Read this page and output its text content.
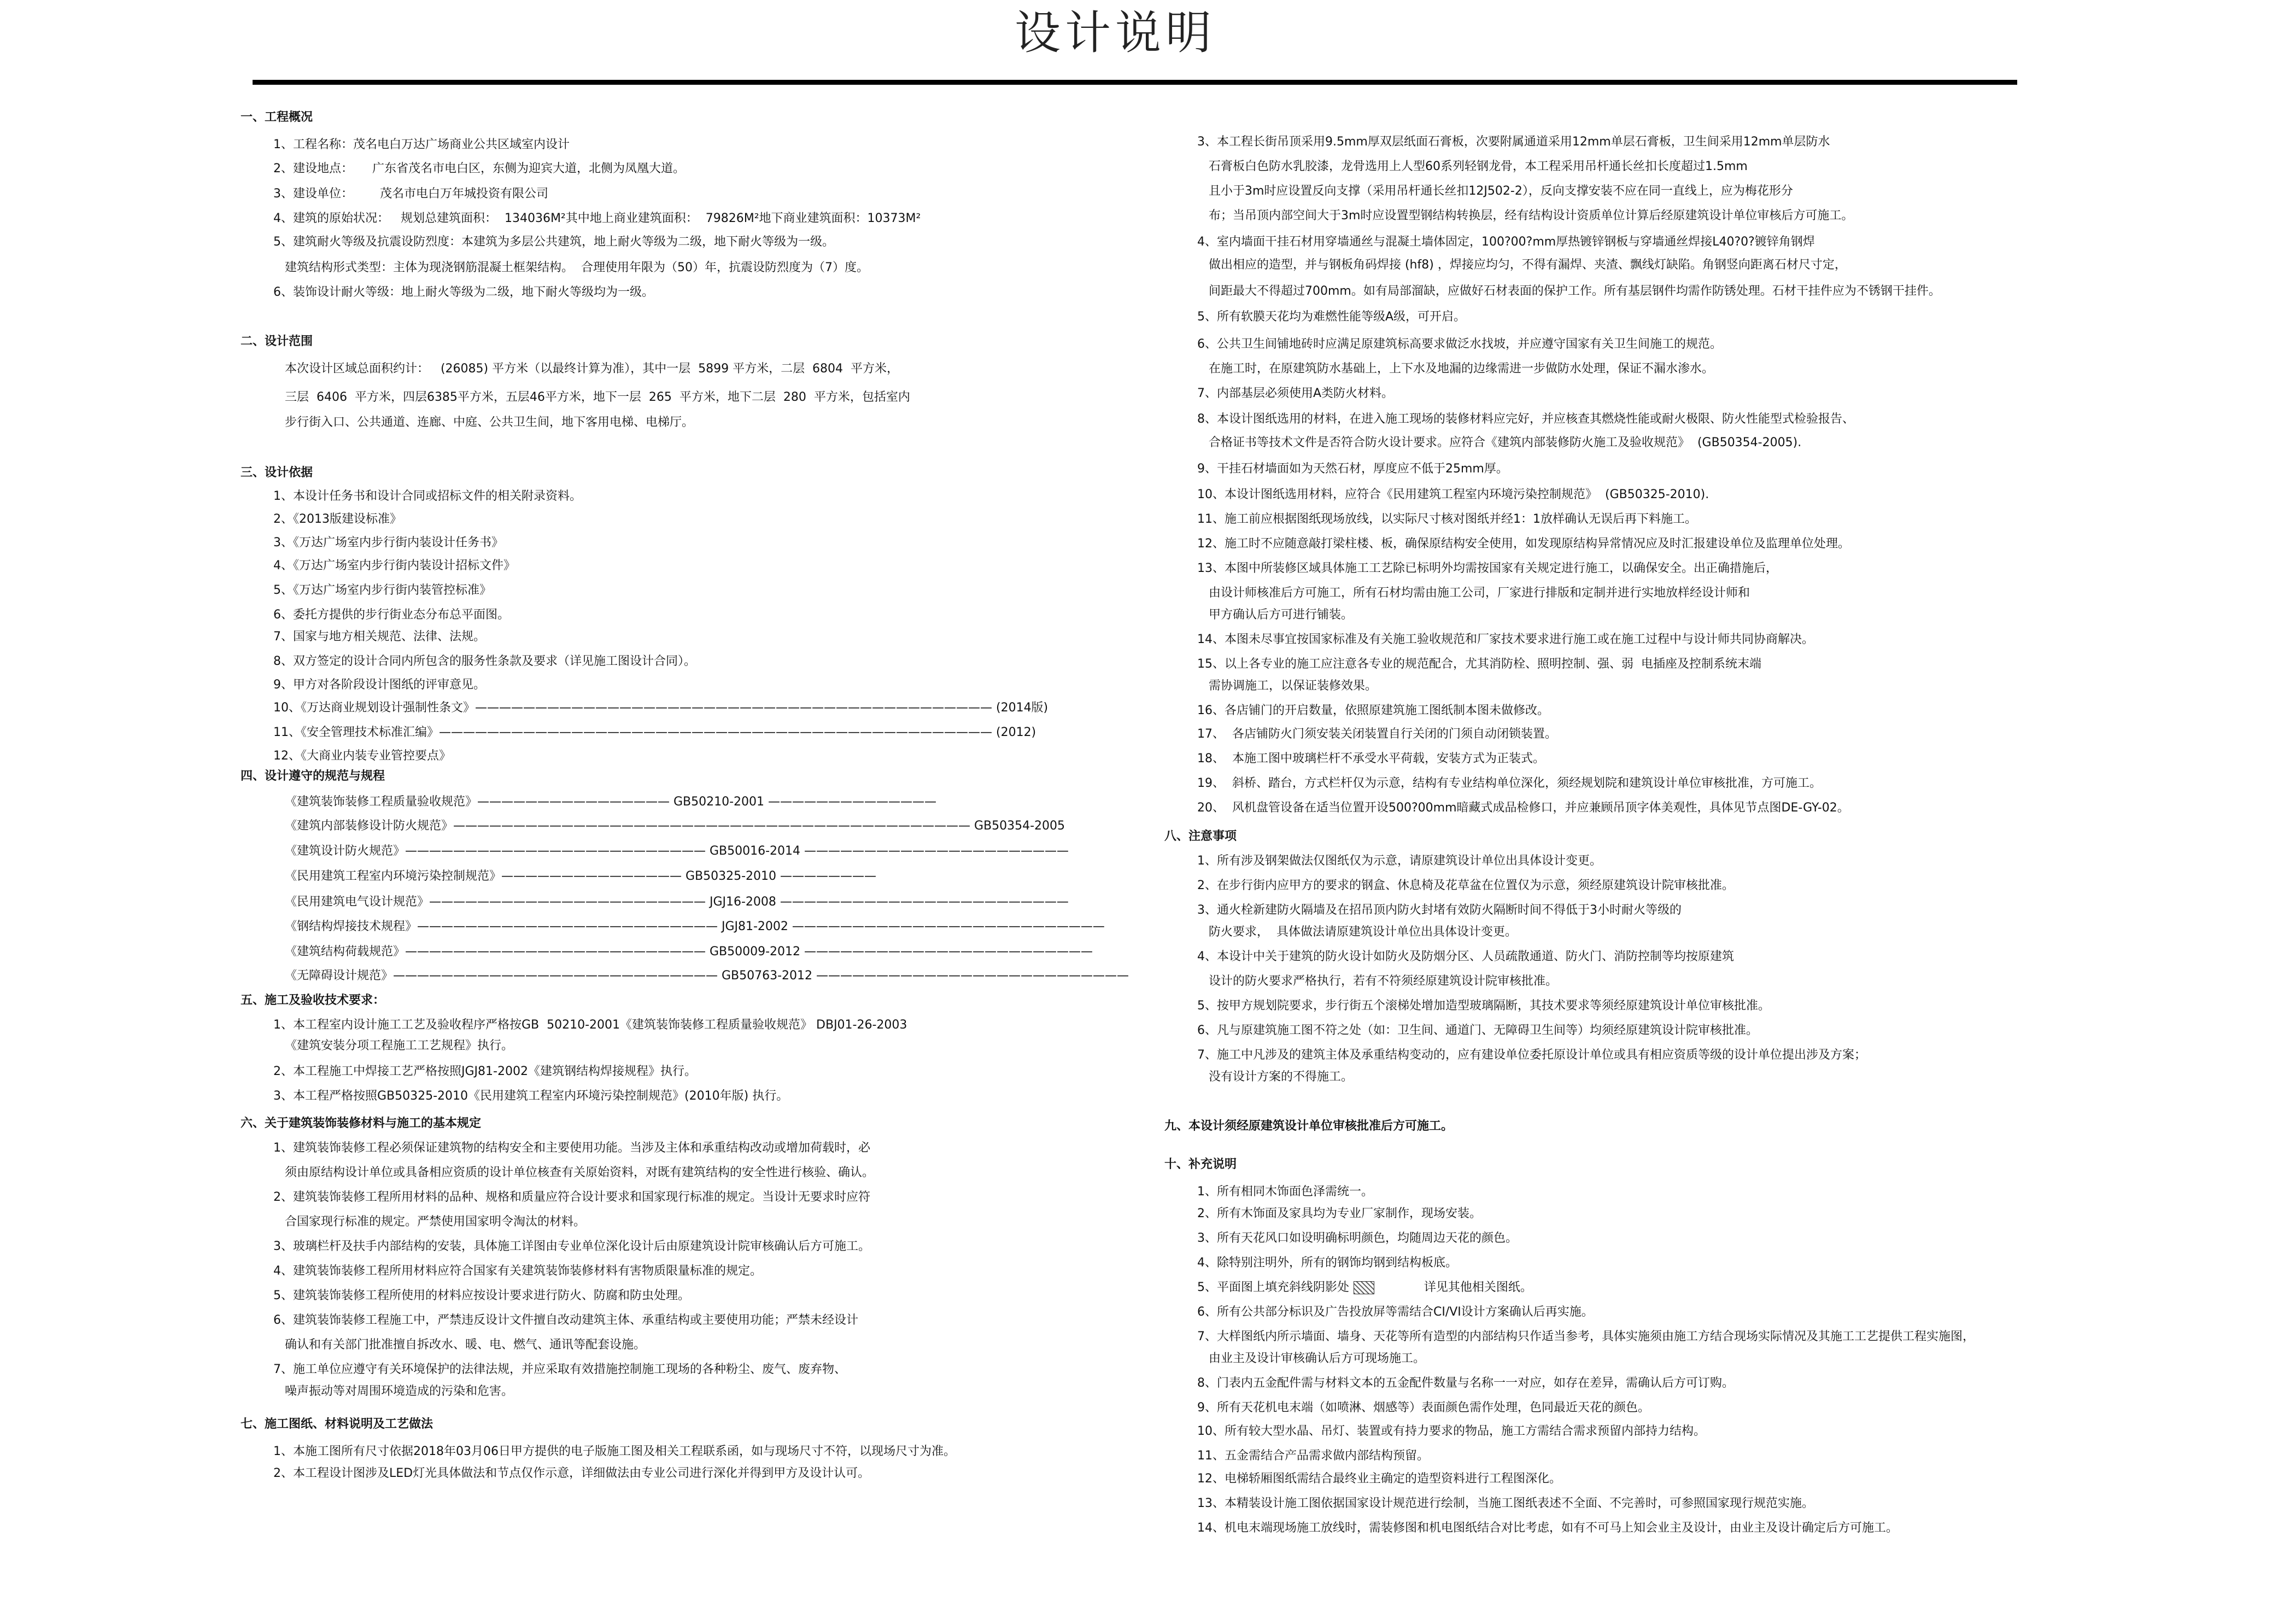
设计说明
一、工程概况
1、工程名称：茂名电白万达广场商业公共区域室内设计
2、建设地点：     广东省茂名市电白区，东侧为迎宾大道，北侧为凤凰大道。
3、建设单位：       茂名市电白万年城投资有限公司
4、建筑的原始状况：   规划总建筑面积：  134036M²其中地上商业建筑面积：  79826M²地下商业建筑面积：10373M²
5、建筑耐火等级及抗震设防烈度：本建筑为多层公共建筑，地上耐火等级为二级，地下耐火等级为一级。
建筑结构形式类型：主体为现浇钢筋混凝土框架结构。  合理使用年限为（50）年，抗震设防烈度为（7）度。
6、装饰设计耐火等级：地上耐火等级为二级，地下耐火等级均为一级。
二、设计范围
本次设计区域总面积约计：   (26085) 平方米（以最终计算为准），其中一层  5899 平方米，二层  6804  平方米，
三层  6406  平方米，四层6385平方米，五层46平方米，地下一层  265  平方米，地下二层  280  平方米，包括室内
步行街入口、公共通道、连廊、中庭、公共卫生间，地下客用电梯、电梯厅。
三、设计依据
1、本设计任务书和设计合同或招标文件的相关附录资料。
2、《2013版建设标准》
3、《万达广场室内步行街内装设计任务书》
4、《万达广场室内步行街内装设计招标文件》
5、《万达广场室内步行街内装管控标准》
6、委托方提供的步行街业态分布总平面图。
7、国家与地方相关规范、法律、法规。
8、双方签定的设计合同内所包含的服务性条款及要求（详见施工图设计合同）。
9、甲方对各阶段设计图纸的评审意见。
10、《万达商业规划设计强制性条文》——————————————————————————————————————————— (2014版)
11、《安全管理技术标准汇编》—————————————————————————————————————————————— (2012)
12、《大商业内装专业管控要点》
四、设计遵守的规范与规程
《建筑装饰装修工程质量验收规范》———————————————— GB50210-2001 ——————————————
《建筑内部装修设计防火规范》——————————————————————————————————————————— GB50354-2005
《建筑设计防火规范》————————————————————————— GB50016-2014 ——————————————————————
《民用建筑工程室内环境污染控制规范》——————————————— GB50325-2010 ————————
《民用建筑电气设计规范》——————————————————————— JGJ16-2008 ————————————————————————
《钢结构焊接技术规程》————————————————————————— JGJ81-2002 ——————————————————————————
《建筑结构荷载规范》————————————————————————— GB50009-2012 ————————————————————————
《无障碍设计规范》——————————————————————————— GB50763-2012 ——————————————————————————
五、施工及验收技术要求：
1、本工程室内设计施工工艺及验收程序严格按GB  50210-2001《建筑装饰装修工程质量验收规范》 DBJ01-26-2003
《建筑安装分项工程施工工艺规程》执行。
2、本工程施工中焊接工艺严格按照JGJ81-2002《建筑钢结构焊接规程》执行。
3、本工程严格按照GB50325-2010《民用建筑工程室内环境污染控制规范》(2010年版) 执行。
六、关于建筑装饰装修材料与施工的基本规定
1、建筑装饰装修工程必须保证建筑物的结构安全和主要使用功能。当涉及主体和承重结构改动或增加荷载时，必
须由原结构设计单位或具备相应资质的设计单位核查有关原始资料，对既有建筑结构的安全性进行核验、确认。
2、建筑装饰装修工程所用材料的品种、规格和质量应符合设计要求和国家现行标准的规定。当设计无要求时应符
合国家现行标准的规定。严禁使用国家明令淘汰的材料。
3、玻璃栏杆及扶手内部结构的安装，具体施工详图由专业单位深化设计后由原建筑设计院审核确认后方可施工。
4、建筑装饰装修工程所用材料应符合国家有关建筑装饰装修材料有害物质限量标准的规定。
5、建筑装饰装修工程所使用的材料应按设计要求进行防火、防腐和防虫处理。
6、建筑装饰装修工程施工中，严禁违反设计文件擅自改动建筑主体、承重结构或主要使用功能；严禁未经设计
确认和有关部门批准擅自拆改水、暖、电、燃气、通讯等配套设施。
7、施工单位应遵守有关环境保护的法律法规，并应采取有效措施控制施工现场的各种粉尘、废气、废弃物、
噪声振动等对周围环境造成的污染和危害。
七、施工图纸、材料说明及工艺做法
1、本施工图所有尺寸依据2018年03月06日甲方提供的电子版施工图及相关工程联系函，如与现场尺寸不符，以现场尺寸为准。
2、本工程设计图涉及LED灯光具体做法和节点仅作示意，详细做法由专业公司进行深化并得到甲方及设计认可。
3、本工程长街吊顶采用9.5mm厚双层纸面石膏板，次要附属通道采用12mm单层石膏板，卫生间采用12mm单层防水
石膏板白色防水乳胶漆，龙骨选用上人型60系列轻钢龙骨，本工程采用吊杆通长丝扣长度超过1.5mm
且小于3m时应设置反向支撑（采用吊杆通长丝扣12J502-2），反向支撑安装不应在同一直线上，应为梅花形分
布；当吊顶内部空间大于3m时应设置型钢结构转换层，经有结构设计资质单位计算后经原建筑设计单位审核后方可施工。
4、室内墙面干挂石材用穿墙通丝与混凝土墙体固定，100?00?mm厚热镀锌钢板与穿墙通丝焊接L40?0?镀锌角钢焊
做出相应的造型，并与钢板角码焊接 (hf8) ，焊接应均匀，不得有漏焊、夹渣、飘线灯缺陷。角钢竖向距离石材尺寸定，
间距最大不得超过700mm。如有局部溜缺，应做好石材表面的保护工作。所有基层钢件均需作防锈处理。石材干挂件应为不锈钢干挂件。
5、所有软膜天花均为难燃性能等级A级，可开启。
6、公共卫生间铺地砖时应满足原建筑标高要求做泛水找坡，并应遵守国家有关卫生间施工的规范。
在施工时，在原建筑防水基础上，上下水及地漏的边缘需进一步做防水处理，保证不漏水渗水。
7、内部基层必须使用A类防火材料。
8、本设计图纸选用的材料，在进入施工现场的装修材料应完好，并应核查其燃烧性能或耐火极限、防火性能型式检验报告、
合格证书等技术文件是否符合防火设计要求。应符合《建筑内部装修防火施工及验收规范》  (GB50354-2005).
9、干挂石材墙面如为天然石材，厚度应不低于25mm厚。
10、本设计图纸选用材料，应符合《民用建筑工程室内环境污染控制规范》  (GB50325-2010).
11、施工前应根据图纸现场放线，以实际尺寸核对图纸并经1：1放样确认无误后再下料施工。
12、施工时不应随意敲打梁柱楼、板，确保原结构安全使用，如发现原结构异常情况应及时汇报建设单位及监理单位处理。
13、本图中所装修区域具体施工工艺除已标明外均需按国家有关规定进行施工，以确保安全。出正确措施后，
由设计师核准后方可施工，所有石材均需由施工公司，厂家进行排版和定制并进行实地放样经设计师和
甲方确认后方可进行铺装。
14、本图未尽事宜按国家标准及有关施工验收规范和厂家技术要求进行施工或在施工过程中与设计师共同协商解决。
15、以上各专业的施工应注意各专业的规范配合，尤其消防栓、照明控制、强、弱  电插座及控制系统末端
需协调施工，以保证装修效果。
16、各店铺门的开启数量，依照原建筑施工图纸制本图未做修改。
17、  各店铺防火门须安装关闭装置自行关闭的门须自动闭锁装置。
18、  本施工图中玻璃栏杆不承受水平荷载，安装方式为正装式。
19、  斜桥、踏台，方式栏杆仅为示意，结构有专业结构单位深化，须经规划院和建筑设计单位审核批准，方可施工。
20、  风机盘管设备在适当位置开设500?00mm暗藏式成品检修口，并应兼顾吊顶字体美观性，具体见节点图DE-GY-02。
八、注意事项
1、所有涉及钢架做法仅图纸仅为示意，请原建筑设计单位出具体设计变更。
2、在步行街内应甲方的要求的钢盒、休息椅及花草盆在位置仅为示意，须经原建筑设计院审核批准。
3、通火栓新建防火隔墙及在招吊顶内防火封堵有效防火隔断时间不得低于3小时耐火等级的
防火要求，  具体做法请原建筑设计单位出具体设计变更。
4、本设计中关于建筑的防火设计如防火及防烟分区、人员疏散通道、防火门、消防控制等均按原建筑
设计的防火要求严格执行，若有不符须经原建筑设计院审核批准。
5、按甲方规划院要求，步行街五个滚梯处增加造型玻璃隔断，其技术要求等须经原建筑设计单位审核批准。
6、凡与原建筑施工图不符之处（如：卫生间、通道门、无障碍卫生间等）均须经原建筑设计院审核批准。
7、施工中凡涉及的建筑主体及承重结构变动的，应有建设单位委托原设计单位或具有相应资质等级的设计单位提出涉及方案；
没有设计方案的不得施工。
九、本设计须经原建筑设计单位审核批准后方可施工。
十、补充说明
1、所有相同木饰面色泽需统一。
2、所有木饰面及家具均为专业厂家制作，现场安装。
3、所有天花风口如设明确标明颜色，均随周边天花的颜色。
4、除特别注明外，所有的钢饰均钢到结构板底。
5、平面图上填充斜线阴影处             详见其他相关图纸。
6、所有公共部分标识及广告投放屏等需结合CI/VI设计方案确认后再实施。
7、大样图纸内所示墙面、墙身、天花等所有造型的内部结构只作适当参考，具体实施须由施工方结合现场实际情况及其施工工艺提供工程实施图，
由业主及设计审核确认后方可现场施工。
8、门表内五金配件需与材料文本的五金配件数量与名称一一对应，如存在差异，需确认后方可订购。
9、所有天花机电末端（如喷淋、烟感等）表面颜色需作处理，色同最近天花的颜色。
10、所有较大型水晶、吊灯、装置或有持力要求的物品，施工方需结合需求预留内部持力结构。
11、五金需结合产品需求做内部结构预留。
12、电梯轿厢图纸需结合最终业主确定的造型资料进行工程图深化。
13、本精装设计施工图依据国家设计规范进行绘制，当施工图纸表述不全面、不完善时，可参照国家现行规范实施。
14、机电末端现场施工放线时，需装修图和机电图纸结合对比考虑，如有不可马上知会业主及设计，由业主及设计确定后方可施工。
